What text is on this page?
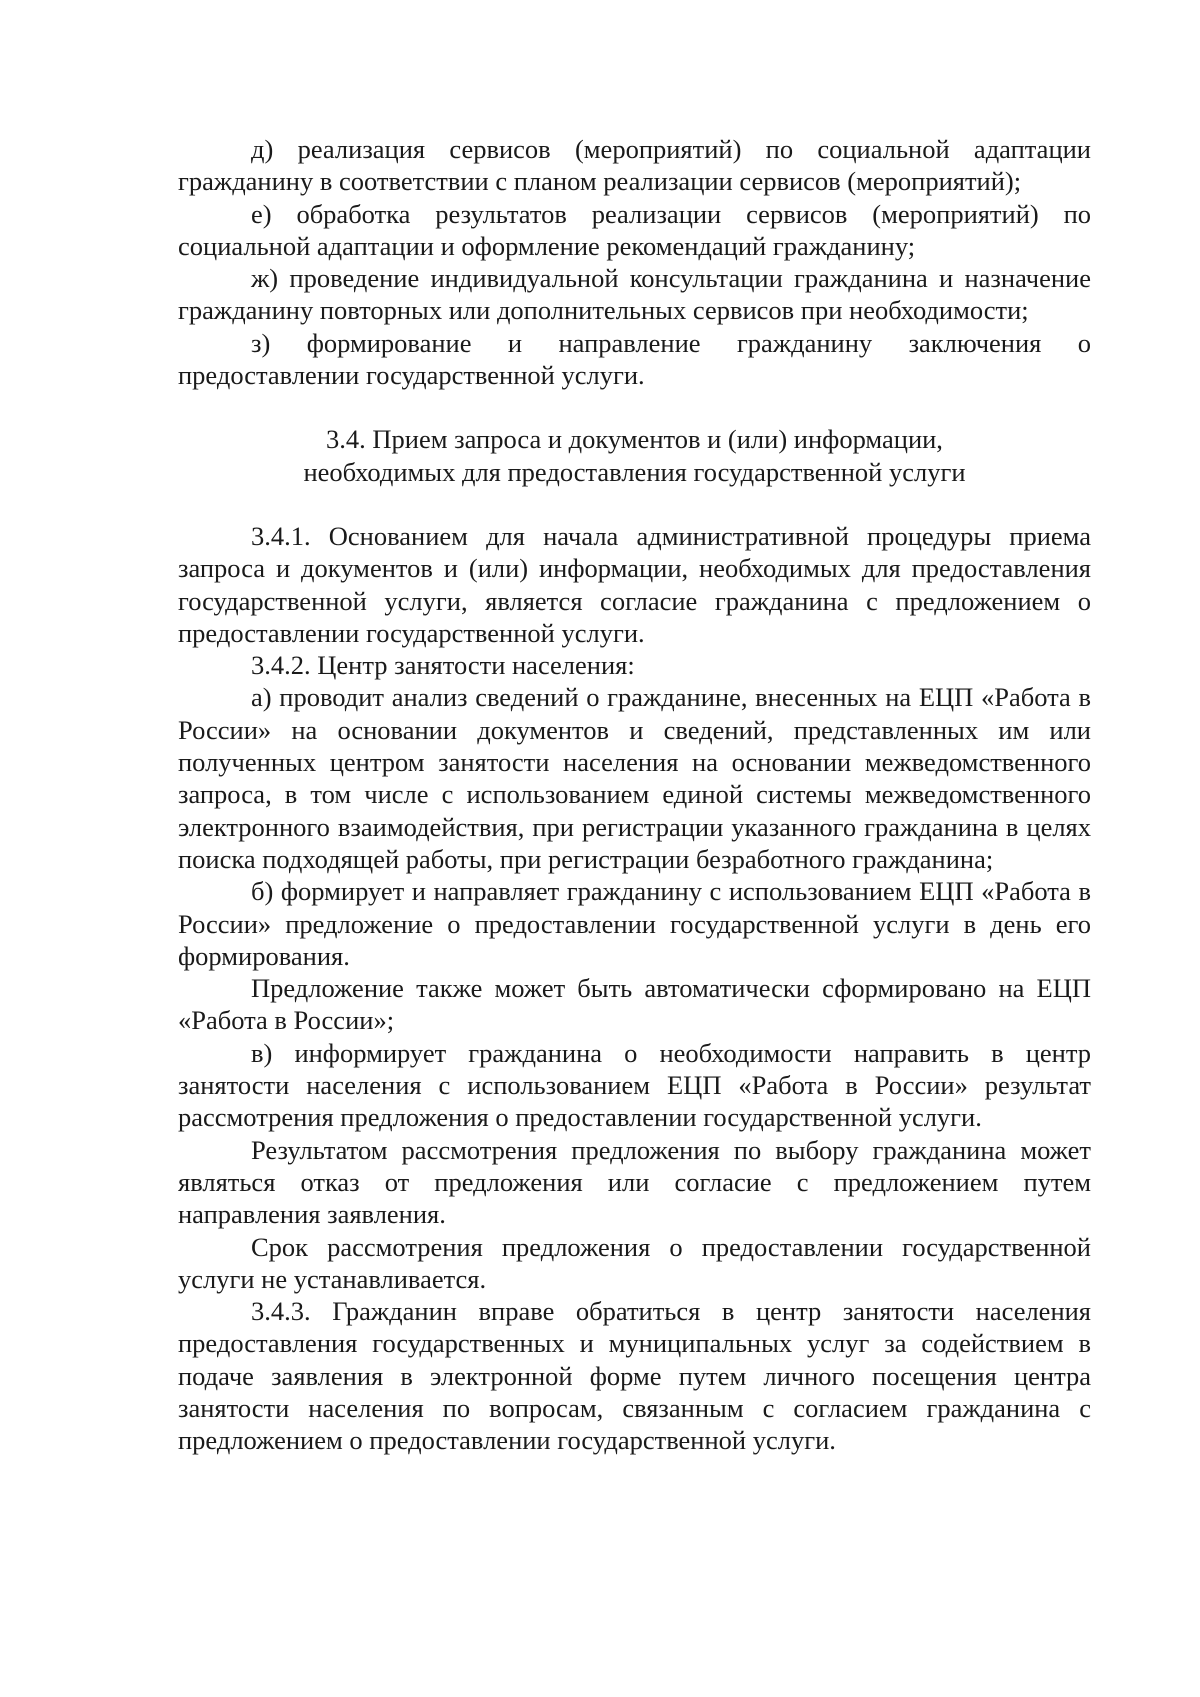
д) реализация сервисов (мероприятий) по социальной адаптации гражданину в соответствии с планом реализации сервисов (мероприятий);

е) обработка результатов реализации сервисов (мероприятий) по социальной адаптации и оформление рекомендаций гражданину;

ж) проведение индивидуальной консультации гражданина и назначение гражданину повторных или дополнительных сервисов при необходимости;

з) формирование и направление гражданину заключения о предоставлении государственной услуги.

3.4. Прием запроса и документов и (или) информации,
необходимых для предоставления государственной услуги

3.4.1. Основанием для начала административной процедуры приема запроса и документов и (или) информации, необходимых для предоставления государственной услуги, является согласие гражданина с предложением о предоставлении государственной услуги.

3.4.2. Центр занятости населения:

а) проводит анализ сведений о гражданине, внесенных на ЕЦП «Работа в России» на основании документов и сведений, представленных им или полученных центром занятости населения на основании межведомственного запроса, в том числе с использованием единой системы межведомственного электронного взаимодействия, при регистрации указанного гражданина в целях поиска подходящей работы, при регистрации безработного гражданина;

б) формирует и направляет гражданину с использованием ЕЦП «Работа в России» предложение о предоставлении государственной услуги в день его формирования.

Предложение также может быть автоматически сформировано на ЕЦП «Работа в России»;

в) информирует гражданина о необходимости направить в центр занятости населения с использованием ЕЦП «Работа в России» результат рассмотрения предложения о предоставлении государственной услуги.

Результатом рассмотрения предложения по выбору гражданина может являться отказ от предложения или согласие с предложением путем направления заявления.

Срок рассмотрения предложения о предоставлении государственной услуги не устанавливается.

3.4.3. Гражданин вправе обратиться в центр занятости населения предоставления государственных и муниципальных услуг за содействием в подаче заявления в электронной форме путем личного посещения центра занятости населения по вопросам, связанным с согласием гражданина с предложением о предоставлении государственной услуги.
